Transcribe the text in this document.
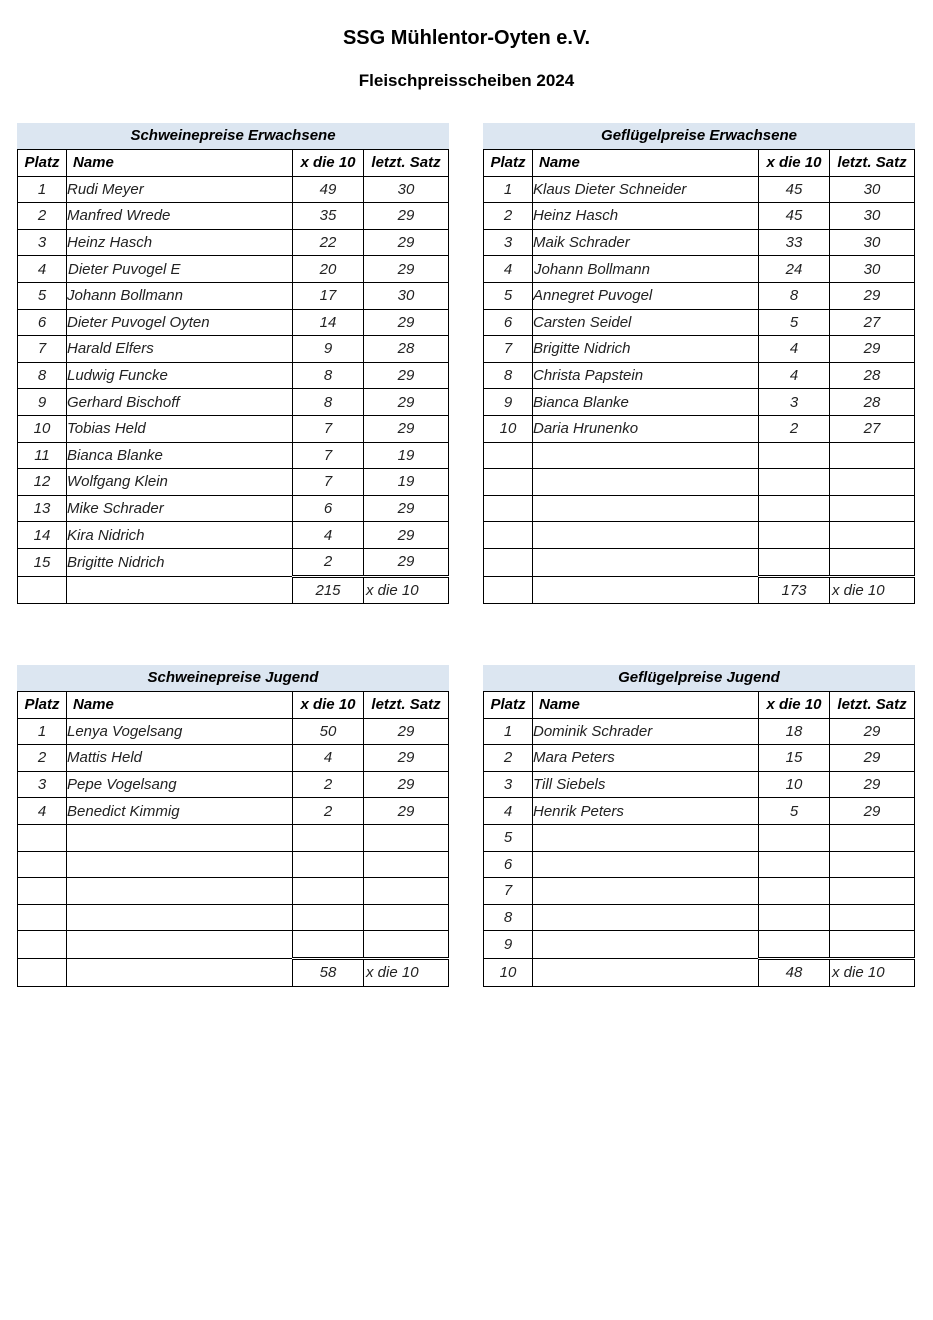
SSG Mühlentor-Oyten e.V.
Fleischpreisscheiben 2024
Schweinepreise Erwachsene
Platz	Name	x die 10	letzt. Satz
1	Rudi Meyer	49	30
2	Manfred Wrede	35	29
3	Heinz Hasch	22	29
4	Dieter Puvogel E	20	29
5	Johann Bollmann	17	30
6	Dieter Puvogel Oyten	14	29
7	Harald Elfers	9	28
8	Ludwig Funcke	8	29
9	Gerhard Bischoff	8	29
10	Tobias Held	7	29
11	Bianca Blanke	7	19
12	Wolfgang Klein	7	19
13	Mike Schrader	6	29
14	Kira Nidrich	4	29
15	Brigitte Nidrich	2	29
		215	x die 10
Geflügelpreise Erwachsene
Platz	Name	x die 10	letzt. Satz
1	Klaus Dieter Schneider	45	30
2	Heinz Hasch	45	30
3	Maik Schrader	33	30
4	Johann Bollmann	24	30
5	Annegret Puvogel	8	29
6	Carsten Seidel	5	27
7	Brigitte Nidrich	4	29
8	Christa Papstein	4	28
9	Bianca Blanke	3	28
10	Daria Hrunenko	2	27

		173	x die 10
Schweinepreise Jugend
Platz	Name	x die 10	letzt. Satz
1	Lenya Vogelsang	50	29
2	Mattis Held	4	29
3	Pepe Vogelsang	2	29
4	Benedict Kimmig	2	29

		58	x die 10
Geflügelpreise Jugend
Platz	Name	x die 10	letzt. Satz
1	Dominik Schrader	18	29
2	Mara Peters	15	29
3	Till Siebels	10	29
4	Henrik Peters	5	29
5			
6			
7			
8			
9			
10		48	x die 10
